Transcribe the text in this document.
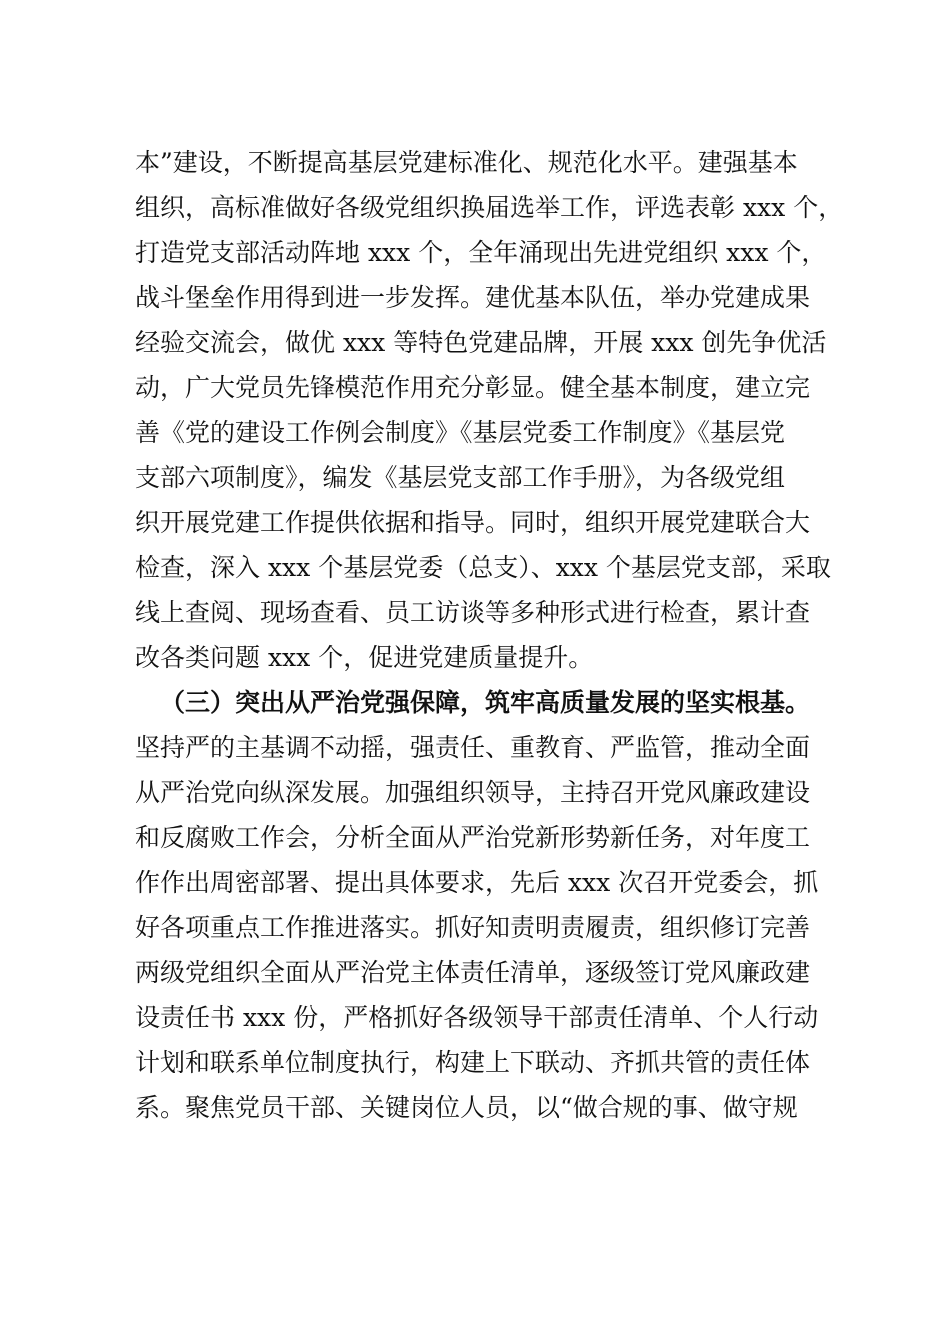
本”建设，不断提高基层党建标准化、规范化水平。建强基本
组织，高标准做好各级党组织换届选举工作，评选表彰 xxx 个，
打造党支部活动阵地 xxx 个，全年涌现出先进党组织 xxx 个，
战斗堡垒作用得到进一步发挥。建优基本队伍，举办党建成果
经验交流会，做优 xxx 等特色党建品牌，开展 xxx 创先争优活
动，广大党员先锋模范作用充分彰显。健全基本制度，建立完
善《党的建设工作例会制度》《基层党委工作制度》《基层党
支部六项制度》，编发《基层党支部工作手册》，为各级党组
织开展党建工作提供依据和指导。同时，组织开展党建联合大
检查，深入 xxx 个基层党委（总支）、xxx 个基层党支部，采取
线上查阅、现场查看、员工访谈等多种形式进行检查，累计查
改各类问题 xxx 个，促进党建质量提升。
（三）突出从严治党强保障，筑牢高质量发展的坚实根基。
坚持严的主基调不动摇，强责任、重教育、严监管，推动全面
从严治党向纵深发展。加强组织领导，主持召开党风廉政建设
和反腐败工作会，分析全面从严治党新形势新任务，对年度工
作作出周密部署、提出具体要求，先后 xxx 次召开党委会，抓
好各项重点工作推进落实。抓好知责明责履责，组织修订完善
两级党组织全面从严治党主体责任清单，逐级签订党风廉政建
设责任书 xxx 份，严格抓好各级领导干部责任清单、个人行动
计划和联系单位制度执行，构建上下联动、齐抓共管的责任体
系。聚焦党员干部、关键岗位人员，以“做合规的事、做守规
